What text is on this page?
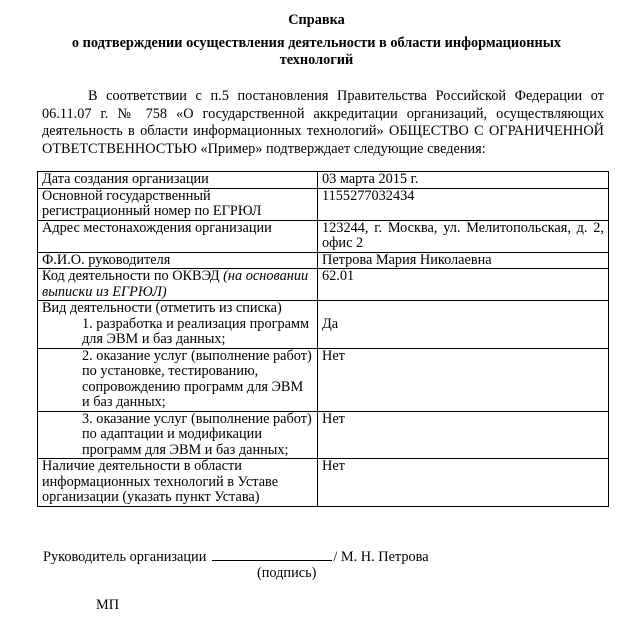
Справка
о подтверждении осуществления деятельности в области информационных
технологий
В соответствии с п.5 постановления Правительства Российской Федерации от 06.11.07 г. № 758 «О государственной аккредитации организаций, осуществляющих деятельность в области информационных технологий» ОБЩЕСТВО С ОГРАНИЧЕННОЙ ОТВЕТСТВЕННОСТЬЮ «Пример» подтверждает следующие сведения:
Дата создания организации	03 марта 2015 г.
Основной государственный регистрационный номер по ЕГРЮЛ	1155277032434
Адрес местонахождения организации	123244, г. Москва, ул. Мелитопольская, д. 2, офис 2
Ф.И.О. руководителя	Петрова Мария Николаевна
Код деятельности по ОКВЭД (на основании выписки из ЕГРЮЛ)	62.01

Вид деятельности (отметить из списка)
1. разработка и реализация программ для ЭВМ и баз данных;	Да

2. оказание услуг (выполнение работ) по установке, тестированию, сопровождению программ для ЭВМ и баз данных;	Нет
3. оказание услуг (выполнение работ) по адаптации и модификации программ для ЭВМ и баз данных;	Нет
Наличие деятельности в области информационных технологий в Уставе организации (указать пункт Устава)	Нет
Руководитель организации	/ М. Н. Петрова
(подпись)
МП
